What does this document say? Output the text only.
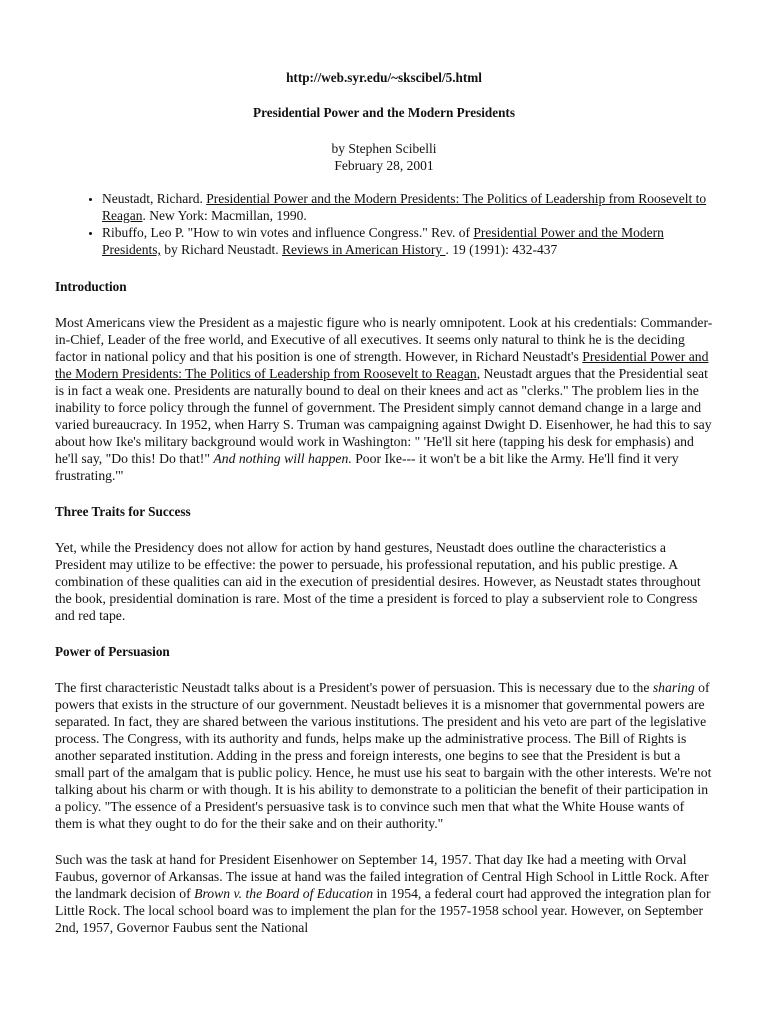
http://web.syr.edu/~skscibel/5.html
Presidential Power and the Modern Presidents
by Stephen Scibelli
February 28, 2001
• Neustadt, Richard. Presidential Power and the Modern Presidents: The Politics of Leadership from Roosevelt to Reagan. New York: Macmillan, 1990.
• Ribuffo, Leo P. "How to win votes and influence Congress." Rev. of Presidential Power and the Modern Presidents, by Richard Neustadt. Reviews in American History . 19 (1991): 432-437
Introduction

Most Americans view the President as a majestic figure who is nearly omnipotent. Look at his credentials: Commander-in-Chief, Leader of the free world, and Executive of all executives. It seems only natural to think he is the deciding factor in national policy and that his position is one of strength. However, in Richard Neustadt's Presidential Power and the Modern Presidents: The Politics of Leadership from Roosevelt to Reagan, Neustadt argues that the Presidential seat is in fact a weak one. Presidents are naturally bound to deal on their knees and act as "clerks." The problem lies in the inability to force policy through the funnel of government. The President simply cannot demand change in a large and varied bureaucracy. In 1952, when Harry S. Truman was campaigning against Dwight D. Eisenhower, he had this to say about how Ike's military background would work in Washington: " 'He'll sit here (tapping his desk for emphasis) and he'll say, "Do this! Do that!" And nothing will happen. Poor Ike--- it won't be a bit like the Army. He'll find it very frustrating.'"

Three Traits for Success

Yet, while the Presidency does not allow for action by hand gestures, Neustadt does outline the characteristics a President may utilize to be effective: the power to persuade, his professional reputation, and his public prestige. A combination of these qualities can aid in the execution of presidential desires. However, as Neustadt states throughout the book, presidential domination is rare. Most of the time a president is forced to play a subservient role to Congress and red tape.

Power of Persuasion

The first characteristic Neustadt talks about is a President's power of persuasion. This is necessary due to the sharing of powers that exists in the structure of our government. Neustadt believes it is a misnomer that governmental powers are separated. In fact, they are shared between the various institutions. The president and his veto are part of the legislative process. The Congress, with its authority and funds, helps make up the administrative process. The Bill of Rights is another separated institution. Adding in the press and foreign interests, one begins to see that the President is but a small part of the amalgam that is public policy. Hence, he must use his seat to bargain with the other interests. We're not talking about his charm or with though. It is his ability to demonstrate to a politician the benefit of their participation in a policy. "The essence of a President's persuasive task is to convince such men that what the White House wants of them is what they ought to do for the their sake and on their authority."

Such was the task at hand for President Eisenhower on September 14, 1957. That day Ike had a meeting with Orval Faubus, governor of Arkansas. The issue at hand was the failed integration of Central High School in Little Rock. After the landmark decision of Brown v. the Board of Education in 1954, a federal court had approved the integration plan for Little Rock. The local school board was to implement the plan for the 1957-1958 school year. However, on September 2nd, 1957, Governor Faubus sent the National
